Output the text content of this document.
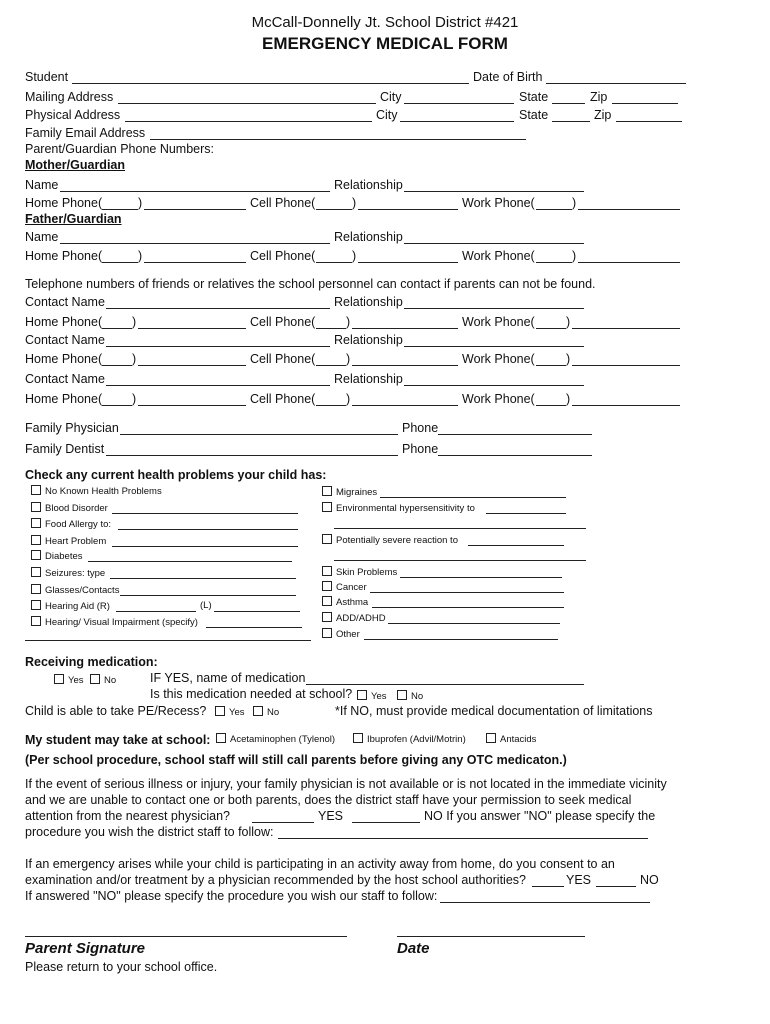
McCall-Donnelly Jt. School District #421
EMERGENCY MEDICAL FORM
Student	Date of Birth
Mailing Address	City	State	Zip
Physical Address	City	State	Zip
Family Email Address
Parent/Guardian Phone Numbers:
Mother/Guardian
Name	Relationship
Home Phone(	)	Cell Phone(	)	Work Phone(	)
Father/Guardian
Name	Relationship
Home Phone(	)	Cell Phone(	)	Work Phone(	)
Telephone numbers of friends or relatives the school personnel can contact if parents can not be found.
Contact Name	Relationship
Home Phone( )	Cell Phone( )	Work Phone(	)
Contact Name	Relationship
Home Phone( )	Cell Phone( )	Work Phone(	)
Contact Name	Relationship
Home Phone( )	Cell Phone( )	Work Phone(	)
Family Physician	Phone
Family Dentist	Phone
Check any current health problems your child has:
No Known Health Problems
Blood Disorder
Food Allergy to:
Heart Problem
Diabetes
Seizures: type
Glasses/Contacts
Hearing Aid (R)	(L)
Hearing/ Visual Impairment (specify)
Migraines
Environmental hypersensitivity to
Potentially severe reaction to
Skin Problems
Cancer
Asthma
ADD/ADHD
Other
Receiving medication:
Yes	No	IF YES, name of medication
Is this medication needed at school?	Yes	No
Child is able to take PE/Recess?	Yes	No	*If NO, must provide medical documentation of limitations
My student may take at school:	Acetaminophen (Tylenol)	Ibuprofen (Advil/Motrin)	Antacids
(Per school procedure, school staff will still call parents before giving any OTC medicaton.)
If the event of serious illness or injury, your family physician is not available or is not located in the immediate vicinity
and we are unable to contact one or both parents, does the district staff have your permission to seek medical
attention from the nearest physician?	YES	NO If you answer "NO" please specify the
procedure you wish the district staff to follow:
If an emergency arises while your child is participating in an activity away from home, do you consent to an
examination and/or treatment by a physician recommended by the host school authorities?	YES	NO
If answered "NO" please specify the procedure you wish our staff to follow:
Parent Signature	Date
Please return to your school office.
